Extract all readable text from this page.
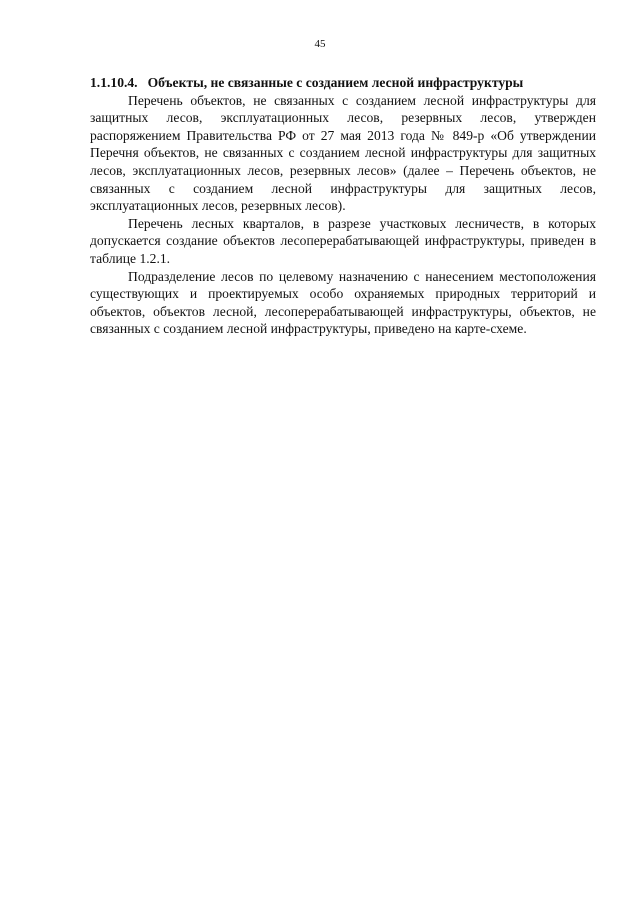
45

1.1.10.4. Объекты, не связанные с созданием лесной инфраструктуры

Перечень объектов, не связанных с созданием лесной инфраструктуры для защитных лесов, эксплуатационных лесов, резервных лесов, утвержден распоряжением Правительства РФ от 27 мая 2013 года № 849-р «Об утверждении Перечня объектов, не связанных с созданием лесной инфраструктуры для защитных лесов, эксплуатационных лесов, резервных лесов» (далее – Перечень объектов, не связанных с созданием лесной инфраструктуры для защитных лесов, эксплуатационных лесов, резервных лесов).

Перечень лесных кварталов, в разрезе участковых лесничеств, в которых допускается создание объектов лесоперерабатывающей инфраструктуры, приведен в таблице 1.2.1.

Подразделение лесов по целевому назначению с нанесением местоположения существующих и проектируемых особо охраняемых природных территорий и объектов, объектов лесной, лесоперерабатывающей инфраструктуры, объектов, не связанных с созданием лесной инфраструктуры, приведено на карте-схеме.
